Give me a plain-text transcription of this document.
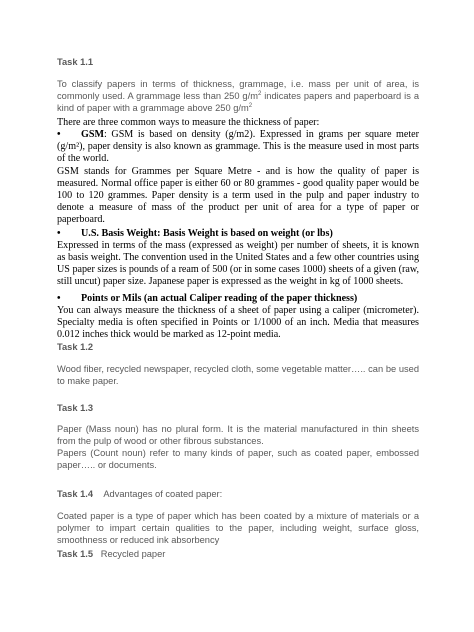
Task 1.1

To classify papers in terms of thickness, grammage, i.e. mass per unit of area, is commonly used. A grammage less than 250 $g/m^2$ indicates papers and paperboard is a kind of paper with a grammage above 250 $g/m^2$

There are three common ways to measure the thickness of paper:

• GSM: GSM is based on density (g/m2). Expressed in grams per square meter (g/m²), paper density is also known as grammage. This is the measure used in most parts of the world.

GSM stands for Grammes per Square Metre - and is how the quality of paper is measured. Normal office paper is either 60 or 80 grammes - good quality paper would be 100 to 120 grammes. Paper density is a term used in the pulp and paper industry to denote a measure of mass of the product per unit of area for a type of paper or paperboard.

• U.S. Basis Weight: Basis Weight is based on weight (or lbs)

Expressed in terms of the mass (expressed as weight) per number of sheets, it is known as basis weight. The convention used in the United States and a few other countries using US paper sizes is pounds of a ream of 500 (or in some cases 1000) sheets of a given (raw, still uncut) paper size. Japanese paper is expressed as the weight in kg of 1000 sheets.

• Points or Mils (an actual Caliper reading of the paper thickness)

You can always measure the thickness of a sheet of paper using a caliper (micrometer). Specialty media is often specified in Points or 1/1000 of an inch. Media that measures 0.012 inches thick would be marked as 12-point media.

Task 1.2

Wood fiber, recycled newspaper, recycled cloth, some vegetable matter….. can be used to make paper.

Task 1.3

Paper (Mass noun) has no plural form. It is the material manufactured in thin sheets from the pulp of wood or other fibrous substances.

Papers (Count noun) refer to many kinds of paper, such as coated paper, embossed paper….. or documents.

Task 1.4 Advantages of coated paper:

Coated paper is a type of paper which has been coated by a mixture of materials or a polymer to impart certain qualities to the paper, including weight, surface gloss, smoothness or reduced ink absorbency

Task 1.5 Recycled paper
